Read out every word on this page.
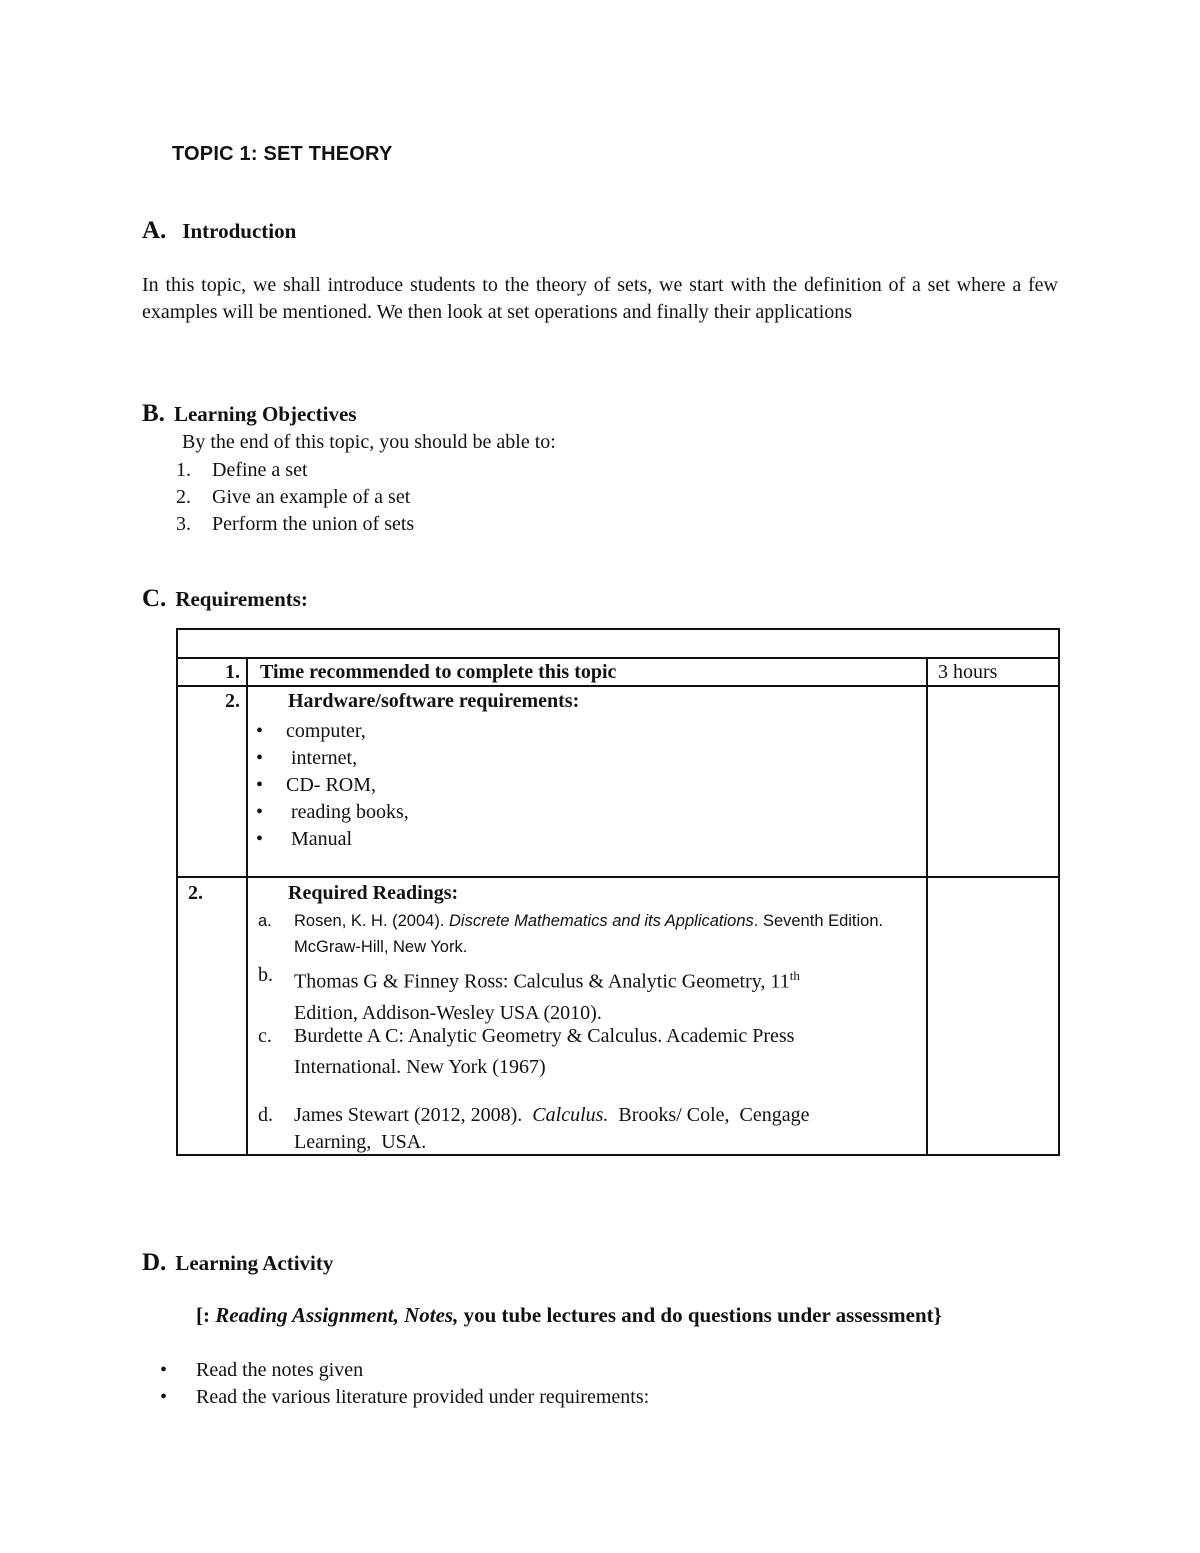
TOPIC 1: SET THEORY
A. Introduction
In this topic, we shall introduce students to the theory of sets, we start with the definition of a set where a few examples will be mentioned. We then look at set operations and finally their applications
B. Learning Objectives
By the end of this topic, you should be able to:
1. Define a set
2. Give an example of a set
3. Perform the union of sets
C. Requirements:
1. Time recommended to complete this topic	3 hours
2. Hardware/software requirements:
• computer,
• internet,
• CD- ROM,
• reading books,
• Manual
2.	Required Readings:
a. Rosen, K. H. (2004). Discrete Mathematics and its Applications. Seventh Edition. McGraw-Hill, New York.
b. Thomas G & Finney Ross: Calculus & Analytic Geometry, 11th
Edition, Addison-Wesley USA (2010).
c. Burdette A C: Analytic Geometry & Calculus. Academic Press
International. New York (1967)
d. James Stewart (2012, 2008).  Calculus.  Brooks/ Cole,  Cengage
Learning,  USA.
D. Learning Activity
[: Reading Assignment, Notes, you tube lectures and do questions under assessment}
• Read the notes given
• Read the various literature provided under requirements:
